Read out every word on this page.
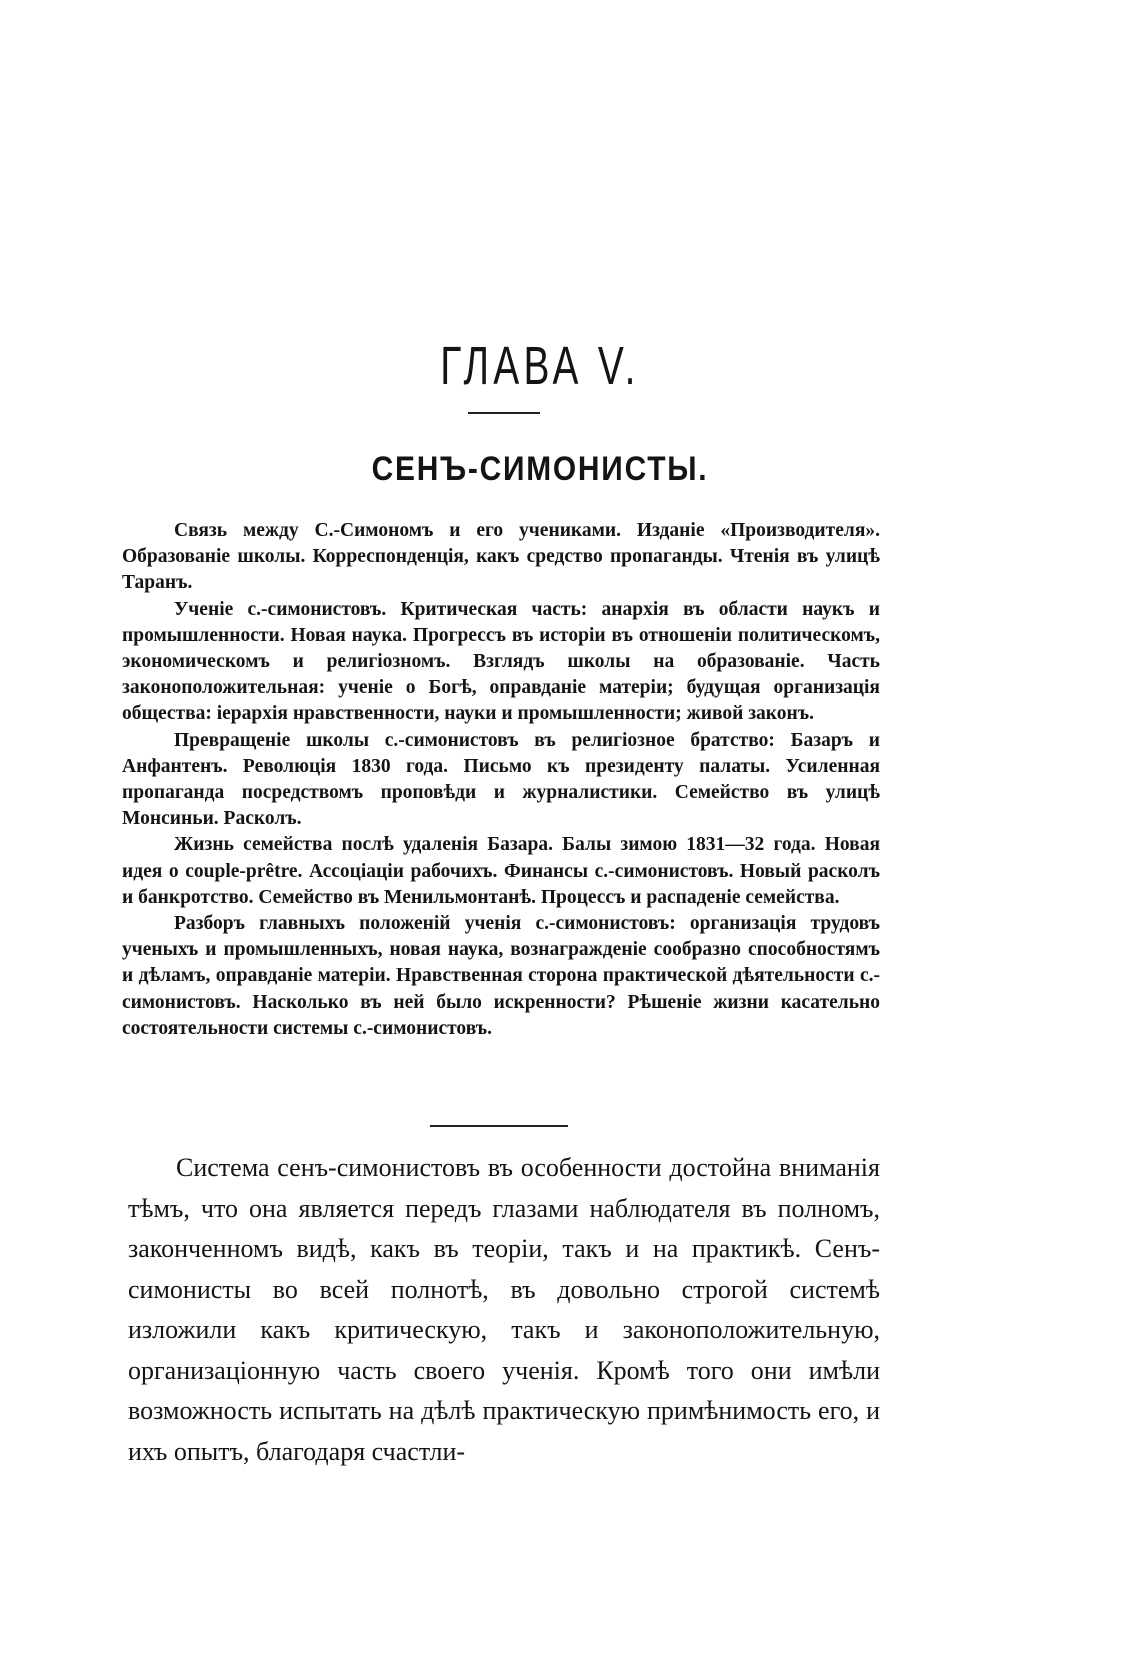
ГЛАВА V.
СЕНЪ-СИМОНИСТЫ.

Связь между С.-Симономъ и его учениками. Изданіе «Производителя». Образованіе школы. Корреспонденція, какъ средство пропаганды. Чтенія въ улицѣ Таранъ.

Ученіе с.-симонистовъ. Критическая часть: анархія въ области наукъ и промышленности. Новая наука. Прогрессъ въ исторіи въ отношеніи политическомъ, экономическомъ и религіозномъ. Взглядъ школы на образованіе. Часть законоположительная: ученіе о Богѣ, оправданіе матеріи; будущая организація общества: іерархія нравственности, науки и промышленности; живой законъ.

Превращеніе школы с.-симонистовъ въ религіозное братство: Базаръ и Анфантенъ. Революція 1830 года. Письмо къ президенту палаты. Усиленная пропаганда посредствомъ проповѣди и журналистики. Семейство въ улицѣ Монсиньи. Расколъ.

Жизнь семейства послѣ удаленія Базара. Балы зимою 1831—32 года. Новая идея о couple-prêtre. Ассоціаціи рабочихъ. Финансы с.-симонистовъ. Новый расколъ и банкротство. Семейство въ Менильмонтанѣ. Процессъ и распаденіе семейства.

Разборъ главныхъ положеній ученія с.-симонистовъ: организація трудовъ ученыхъ и промышленныхъ, новая наука, вознагражденіе сообразно способностямъ и дѣламъ, оправданіе матеріи. Нравственная сторона практической дѣятельности с.-симонистовъ. Насколько въ ней было искренности? Рѣшеніе жизни касательно состоятельности системы с.-симонистовъ.

Система сенъ-симонистовъ въ особенности достойна вниманія тѣмъ, что она является передъ глазами наблюдателя въ полномъ, законченномъ видѣ, какъ въ теоріи, такъ и на практикѣ. Сенъ-симонисты во всей полнотѣ, въ довольно строгой системѣ изложили какъ критическую, такъ и законоположительную, организаціонную часть своего ученія. Кромѣ того они имѣли возможность испытать на дѣлѣ практическую примѣнимость его, и ихъ опытъ, благодаря счастли-
